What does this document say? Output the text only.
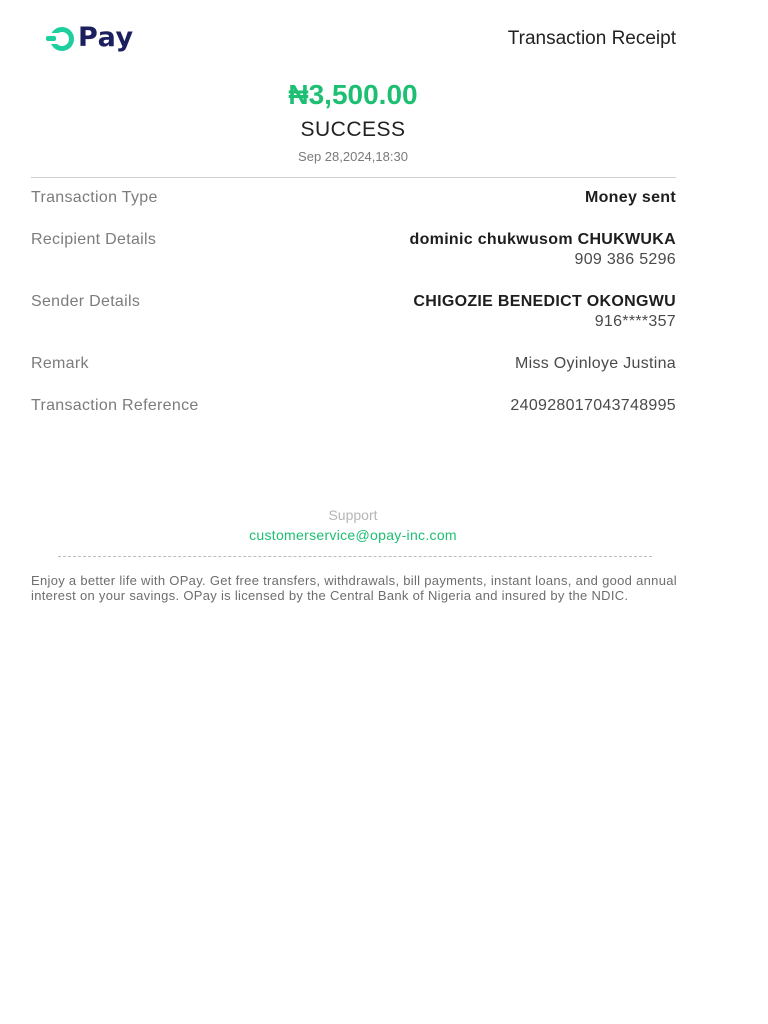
Pay	Transaction Receipt
₦3,500.00
SUCCESS
Sep 28,2024,18:30
Transaction Type	Money sent
Recipient Details	dominic chukwusom CHUKWUKA
909 386 5296
Sender Details	CHIGOZIE BENEDICT OKONGWU
916****357
Remark	Miss Oyinloye Justina
Transaction Reference	240928017043748995
Support
customerservice@opay-inc.com
Enjoy a better life with OPay. Get free transfers, withdrawals, bill payments, instant loans, and good annual interest on your savings. OPay is licensed by the Central Bank of Nigeria and insured by the NDIC.
